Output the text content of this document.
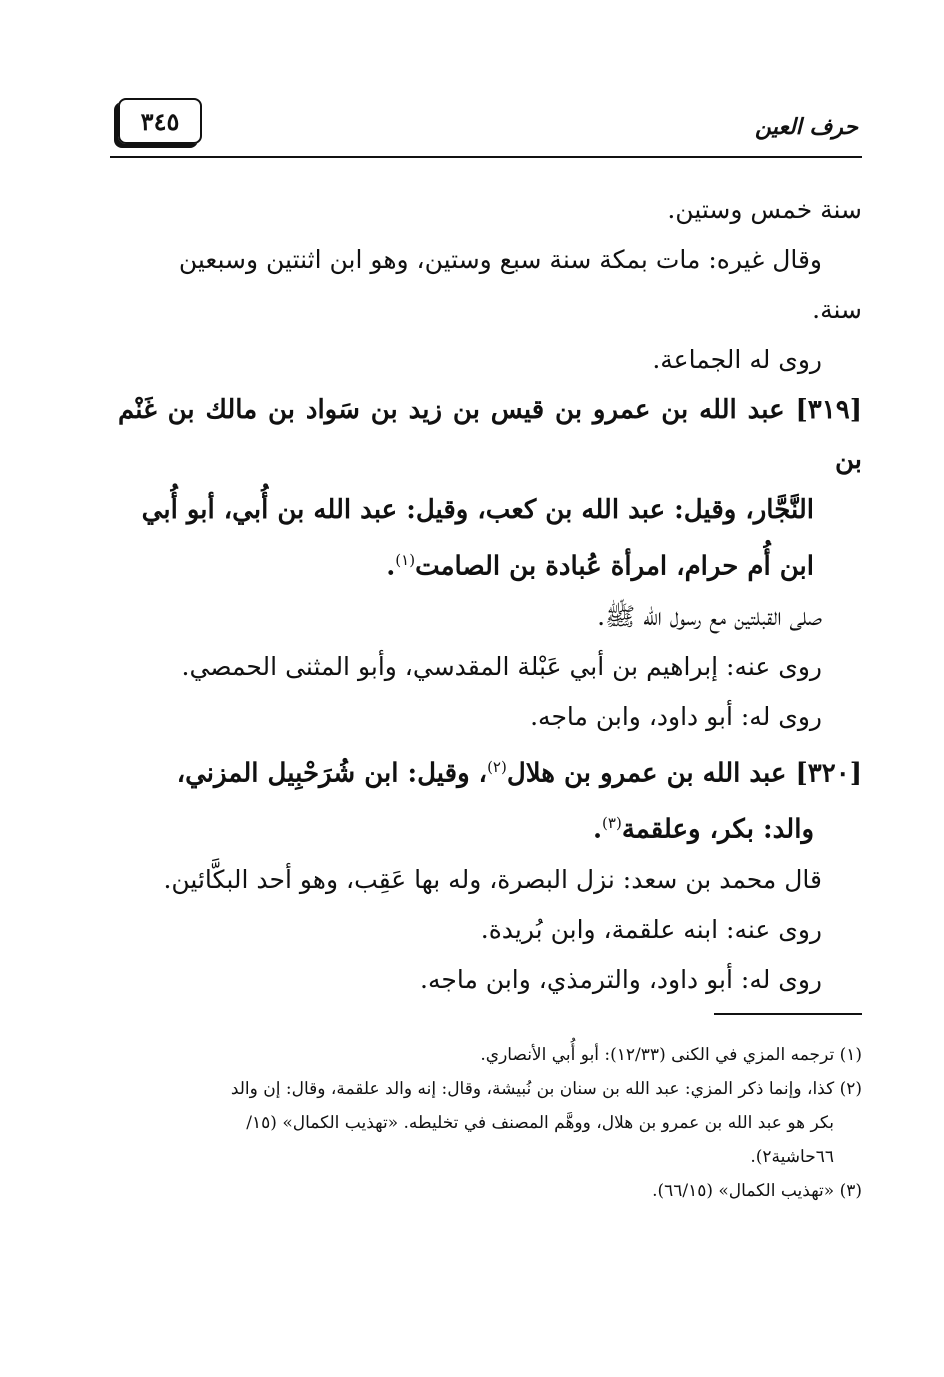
٣٤٥	حرف العين

سنة خمس وستين.

وقال غيره: مات بمكة سنة سبع وستين، وهو ابن اثنتين وسبعين

سنة.

روى له الجماعة.

[٣١٩] عبد الله بن عمرو بن قيس بن زيد بن سَواد بن مالك بن غَنْم بن

النَّجَّار، وقيل: عبد الله بن كعب، وقيل: عبد الله بن أُبي، أبو أُبي

ابن أُم حرام، امرأة عُبادة بن الصامت$^{(١)}$.

صلى القبلتين مع رسول الله ﷺ.

روى عنه: إبراهيم بن أبي عَبْلة المقدسي، وأبو المثنى الحمصي.

روى له: أبو داود، وابن ماجه.

[٣٢٠] عبد الله بن عمرو بن هلال$^{(٢)}$، وقيل: ابن شُرَحْبِيل المزني،

والد: بكر، وعلقمة$^{(٣)}$.

قال محمد بن سعد: نزل البصرة، وله بها عَقِب، وهو أحد البكَّائين.

روى عنه: ابنه علقمة، وابن بُريدة.

روى له: أبو داود، والترمذي، وابن ماجه.

(١) ترجمه المزي في الكنى (١٢/٣٣): أبو أُبي الأنصاري.

(٢) كذا، وإنما ذكر المزي: عبد الله بن سنان بن نُبيشة، وقال: إنه والد علقمة، وقال: إن والد

بكر هو عبد الله بن عمرو بن هلال، ووهَّم المصنف في تخليطه. «تهذيب الكمال» (١٥/

٦٦حاشية٢).

(٣) «تهذيب الكمال» (٦٦/١٥).
